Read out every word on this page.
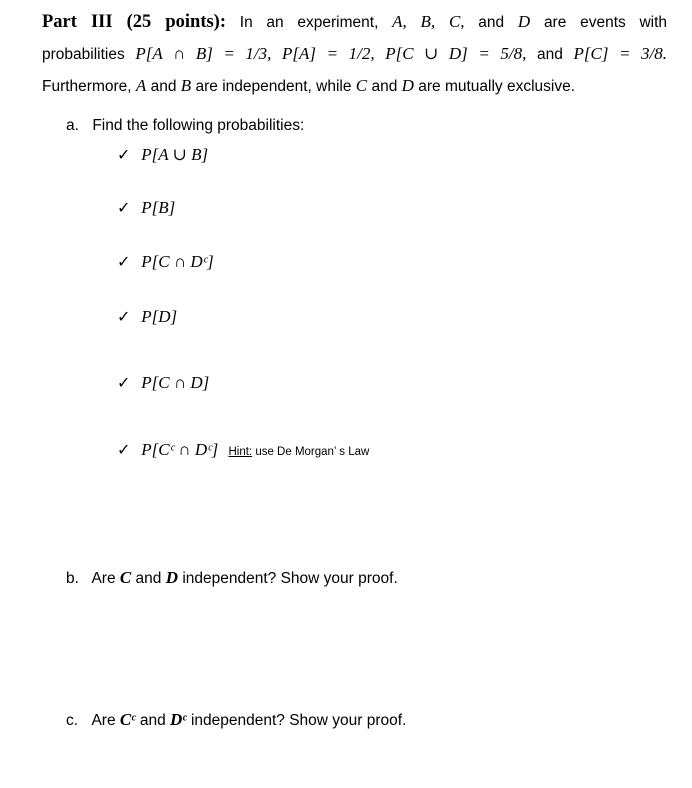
Part III (25 points): In an experiment, A, B, C, and D are events with
probabilities P[A ∩ B] = 1/3, P[A] = 1/2, P[C ∪ D] = 5/8, and P[C] = 3/8.
Furthermore, A and B are independent, while C and D are mutually exclusive.
a. Find the following probabilities:
✓ P[A ∪ B]
✓ P[B]
✓ P[C ∩ Dᶜ]
✓ P[D]
✓ P[C ∩ D]
✓ P[Cᶜ ∩ Dᶜ] Hint: use De Morgan’ s Law
b. Are C and D independent? Show your proof.
c. Are Cᶜ and Dᶜ independent? Show your proof.
